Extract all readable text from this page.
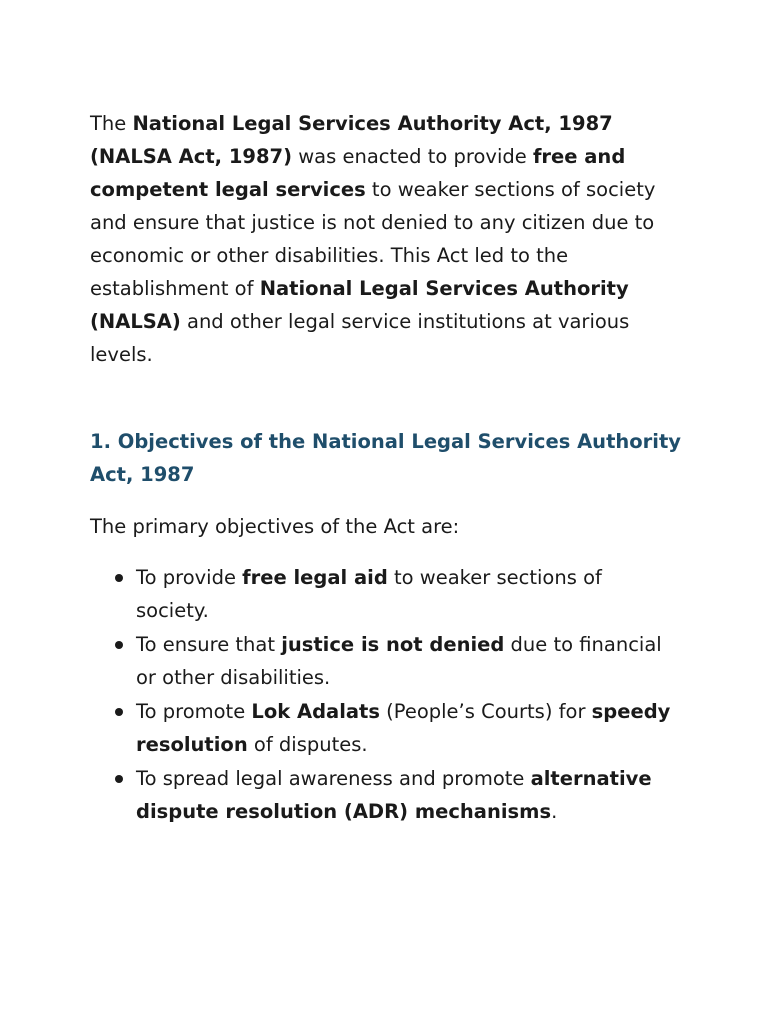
The National Legal Services Authority Act, 1987 (NALSA Act, 1987) was enacted to provide free and competent legal services to weaker sections of society and ensure that justice is not denied to any citizen due to economic or other disabilities. This Act led to the establishment of National Legal Services Authority (NALSA) and other legal service institutions at various levels.

1. Objectives of the National Legal Services Authority Act, 1987

The primary objectives of the Act are:

To provide free legal aid to weaker sections of society.
To ensure that justice is not denied due to financial or other disabilities.
To promote Lok Adalats (People’s Courts) for speedy resolution of disputes.
To spread legal awareness and promote alternative dispute resolution (ADR) mechanisms.
